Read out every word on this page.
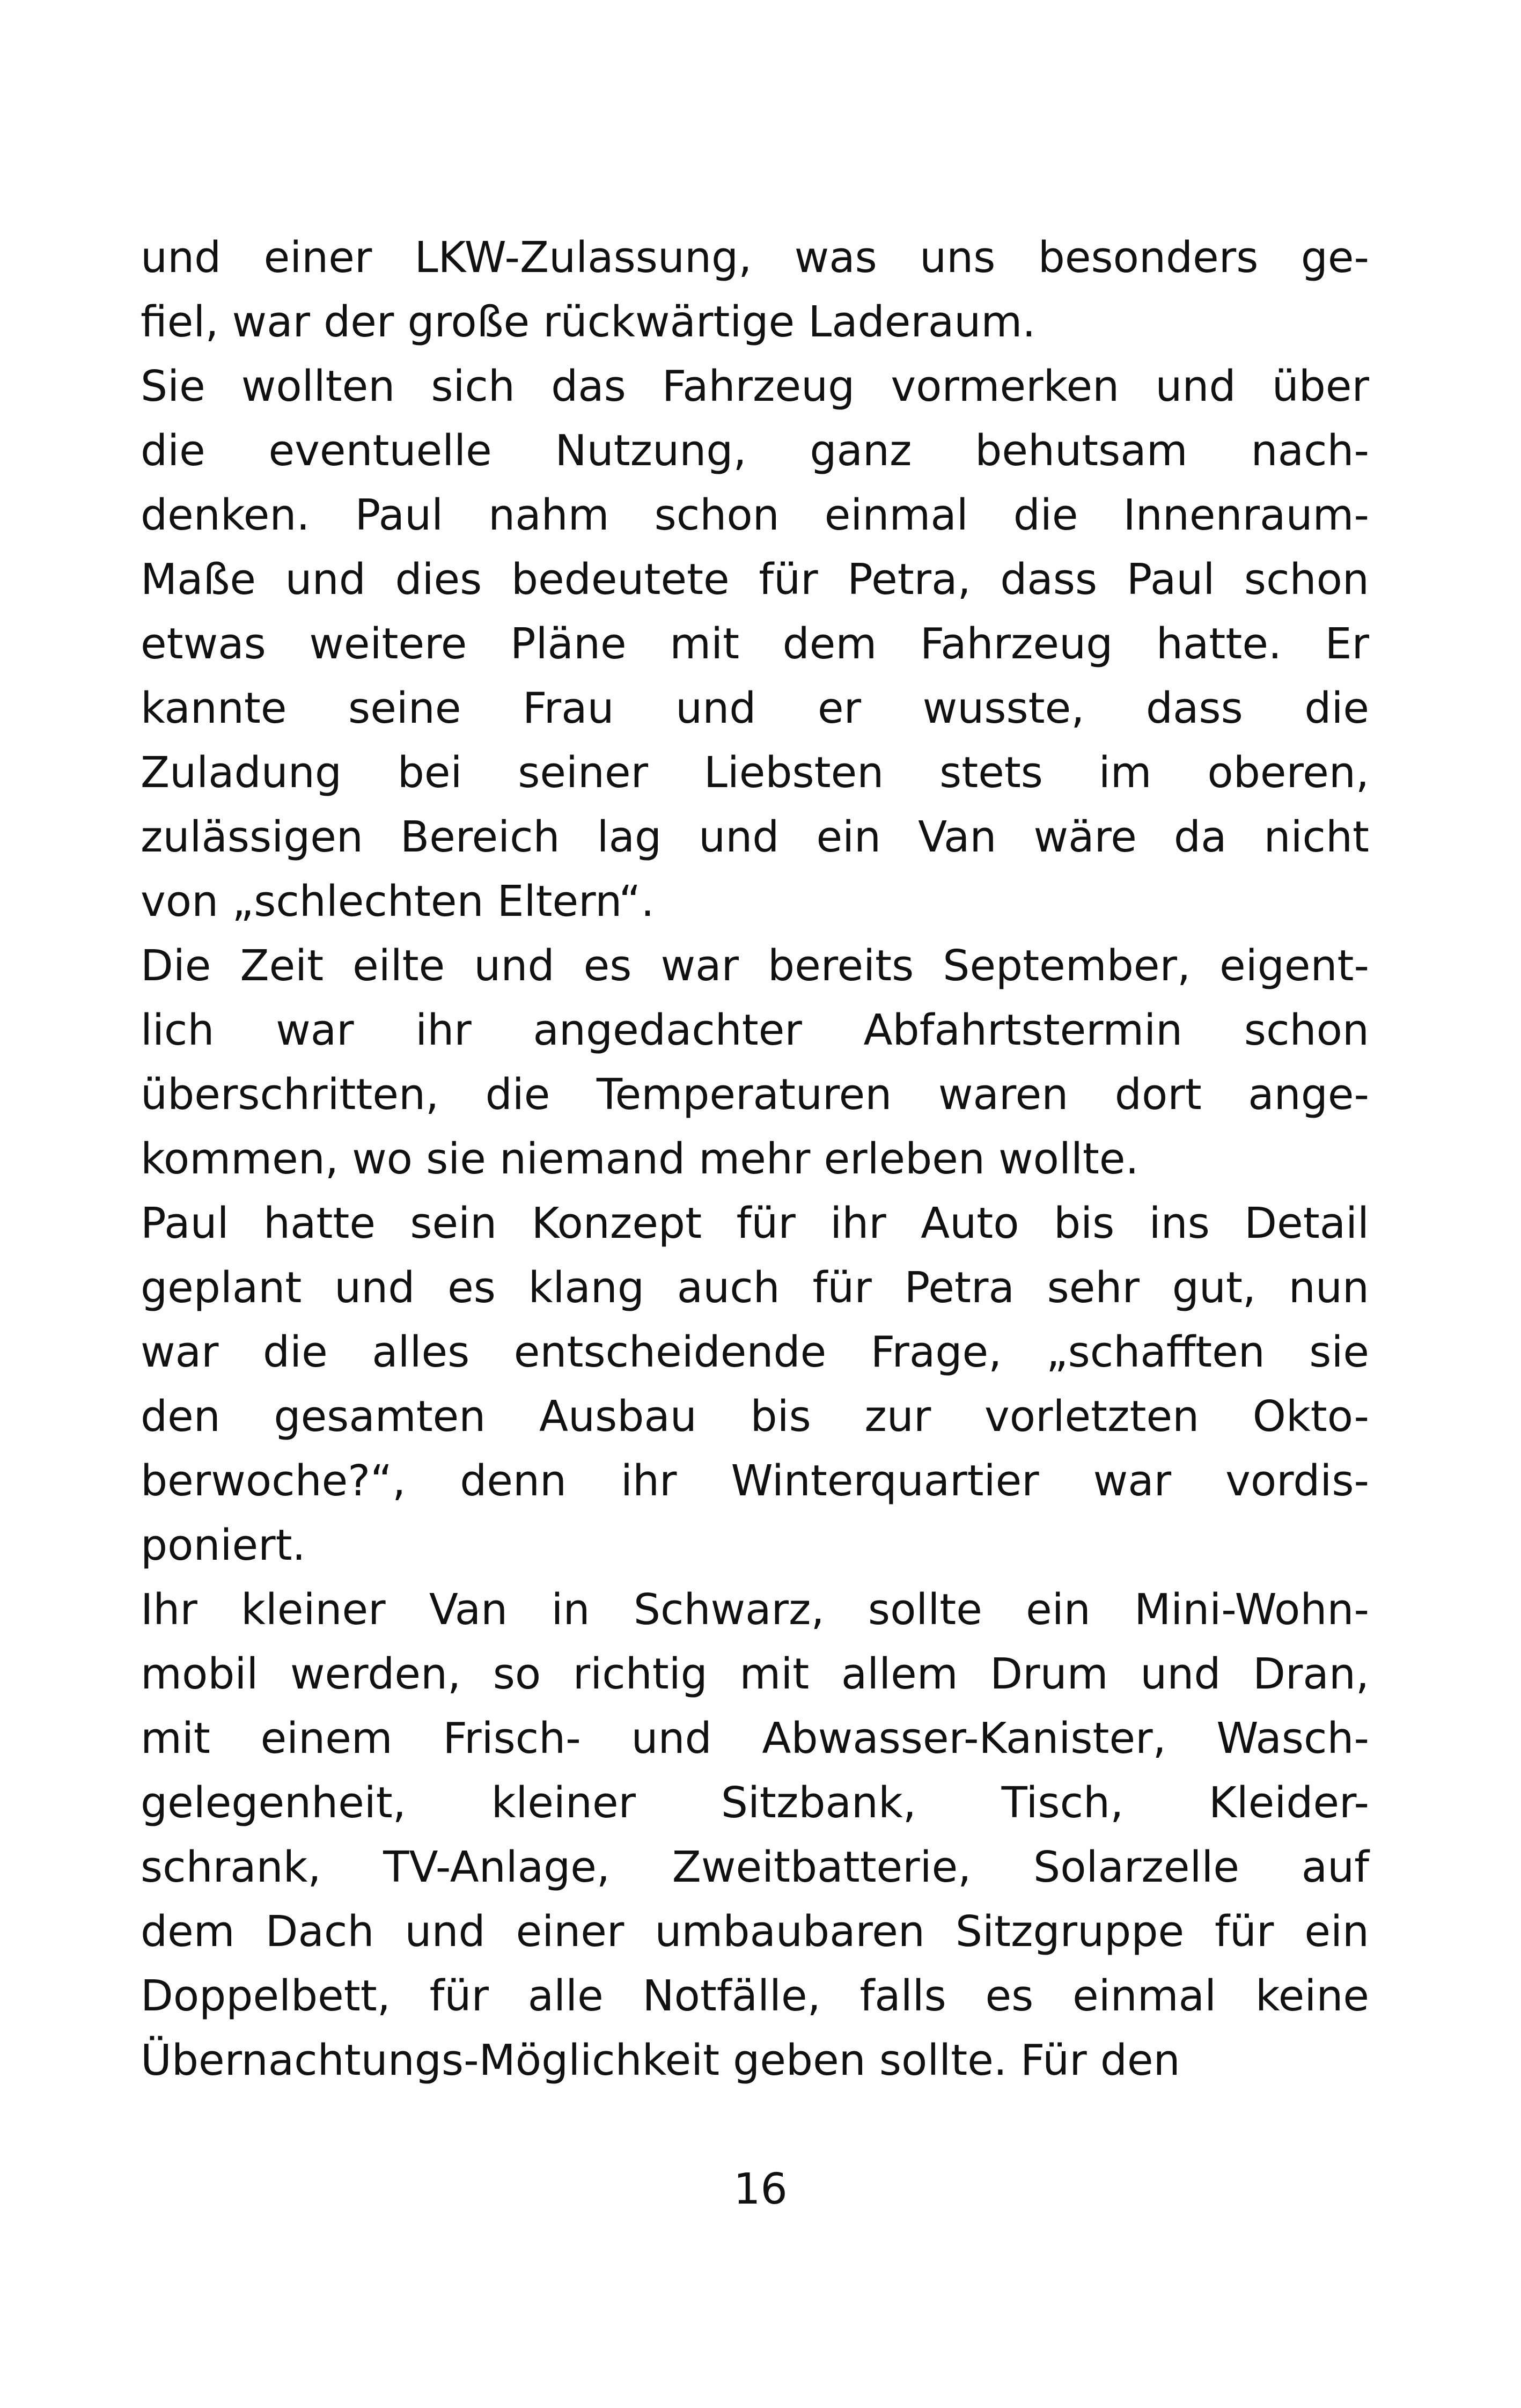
und einer LKW-Zulassung, was uns besonders ge-
fiel, war der große rückwärtige Laderaum.
Sie wollten sich das Fahrzeug vormerken und über
die eventuelle Nutzung, ganz behutsam nach-
denken. Paul nahm schon einmal die Innenraum-
Maße und dies bedeutete für Petra, dass Paul schon
etwas weitere Pläne mit dem Fahrzeug hatte. Er
kannte seine Frau und er wusste, dass die
Zuladung bei seiner Liebsten stets im oberen,
zulässigen Bereich lag und ein Van wäre da nicht
von „schlechten Eltern“.
Die Zeit eilte und es war bereits September, eigent-
lich war ihr angedachter Abfahrtstermin schon
überschritten, die Temperaturen waren dort ange-
kommen, wo sie niemand mehr erleben wollte.
Paul hatte sein Konzept für ihr Auto bis ins Detail
geplant und es klang auch für Petra sehr gut, nun
war die alles entscheidende Frage, „schafften sie
den gesamten Ausbau bis zur vorletzten Okto-
berwoche?“, denn ihr Winterquartier war vordis-
poniert.
Ihr kleiner Van in Schwarz, sollte ein Mini-Wohn-
mobil werden, so richtig mit allem Drum und Dran,
mit einem Frisch- und Abwasser-Kanister, Wasch-
gelegenheit, kleiner Sitzbank, Tisch, Kleider-
schrank, TV-Anlage, Zweitbatterie, Solarzelle auf
dem Dach und einer umbaubaren Sitzgruppe für ein
Doppelbett, für alle Notfälle, falls es einmal keine
Übernachtungs-Möglichkeit geben sollte. Für den
16
